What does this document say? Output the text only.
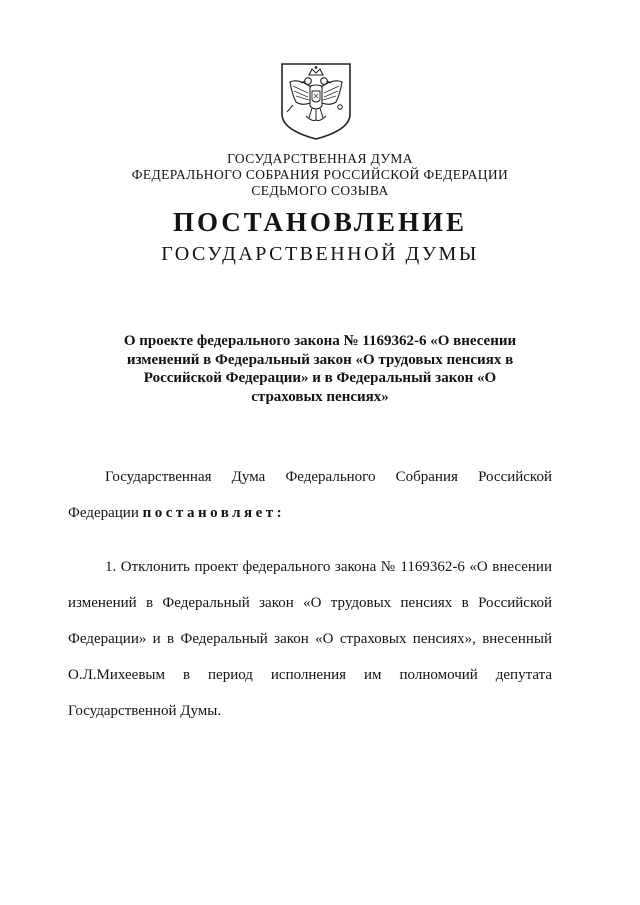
ГОСУДАРСТВЕННАЯ ДУМА
ФЕДЕРАЛЬНОГО СОБРАНИЯ РОССИЙСКОЙ ФЕДЕРАЦИИ
СЕДЬМОГО СОЗЫВА
ПОСТАНОВЛЕНИЕ
ГОСУДАРСТВЕННОЙ ДУМЫ
О проекте федерального закона № 1169362-6 «О внесении изменений в Федеральный закон «О трудовых пенсиях в Российской Федерации» и в Федеральный закон «О страховых пенсиях»
Государственная Дума Федерального Собрания Российской Федерации постановляет:
1. Отклонить проект федерального закона № 1169362-6 «О внесении изменений в Федеральный закон «О трудовых пенсиях в Российской Федерации» и в Федеральный закон «О страховых пенсиях», внесенный О.Л.Михеевым в период исполнения им полномочий депутата Государственной Думы.
